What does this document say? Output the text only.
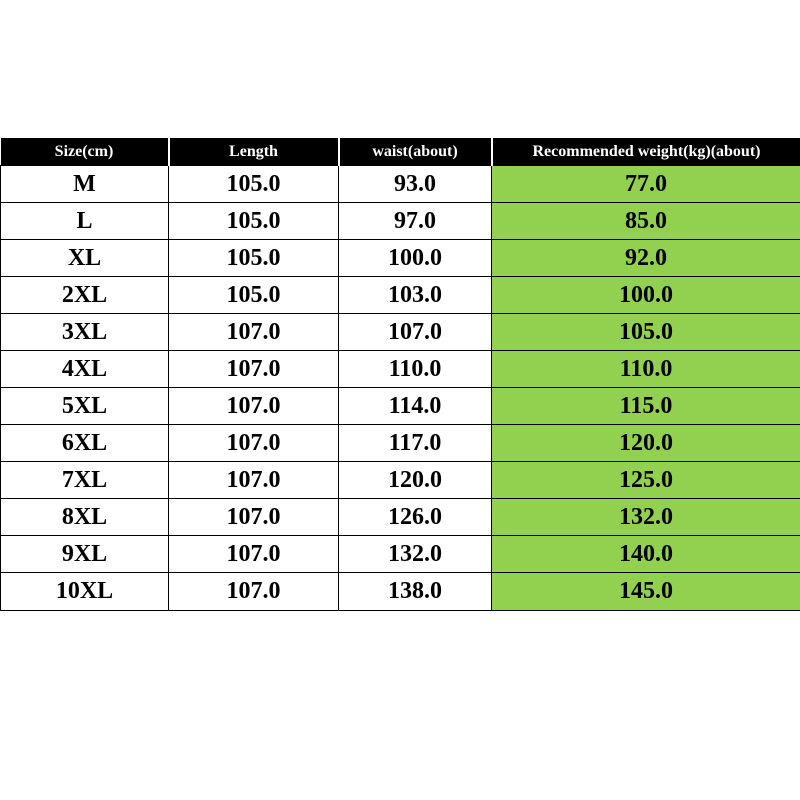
Size(cm)	Length	waist(about)	Recommended weight(kg)(about)
M	105.0	93.0	77.0
L	105.0	97.0	85.0
XL	105.0	100.0	92.0
2XL	105.0	103.0	100.0
3XL	107.0	107.0	105.0
4XL	107.0	110.0	110.0
5XL	107.0	114.0	115.0
6XL	107.0	117.0	120.0
7XL	107.0	120.0	125.0
8XL	107.0	126.0	132.0
9XL	107.0	132.0	140.0
10XL	107.0	138.0	145.0
